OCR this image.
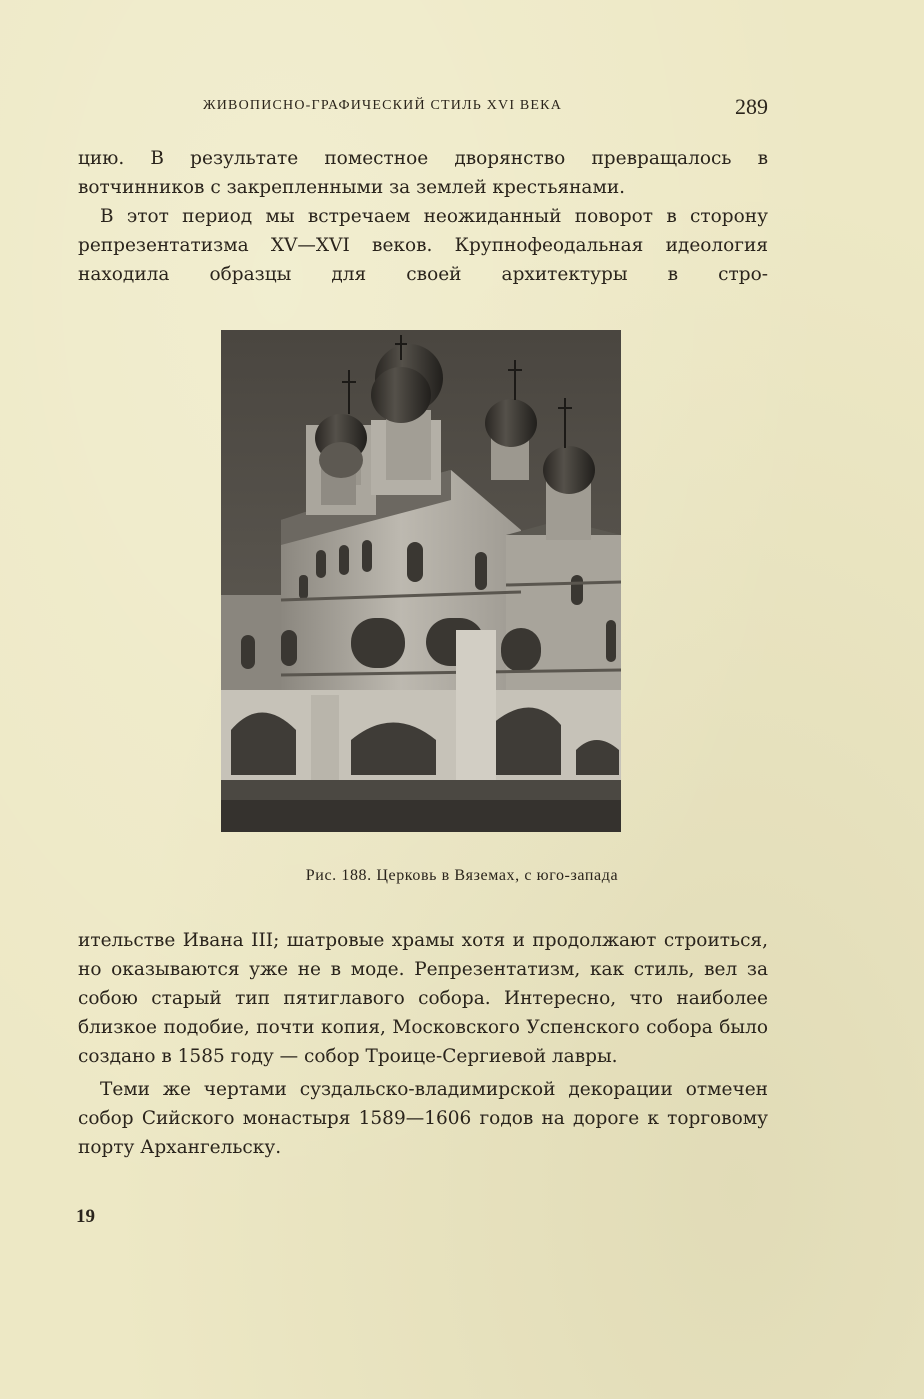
ЖИВОПИСНО-ГРАФИЧЕСКИЙ СТИЛЬ XVI ВЕКА	289

цию. В результате поместное дворянство превращалось в вотчинников с закрепленными за землей крестьянами.

В этот период мы встречаем неожиданный поворот в сторону репрезентатизма XV—XVI веков. Крупнофеодальная идеология находила образцы для своей архитектуры в стро-

Рис. 188. Церковь в Вяземах, с юго-запада

ительстве Ивана III; шатровые храмы хотя и продолжают строиться, но оказываются уже не в моде. Репрезентатизм, как стиль, вел за собою старый тип пятиглавого собора. Интересно, что наиболее близкое подобие, почти копия, Московского Успенского собора было создано в 1585 году — собор Троице-Сергиевой лавры.

Теми же чертами суздальско-владимирской декорации отмечен собор Сийского монастыря 1589—1606 годов на дороге к торговому порту Архангельску.

19
